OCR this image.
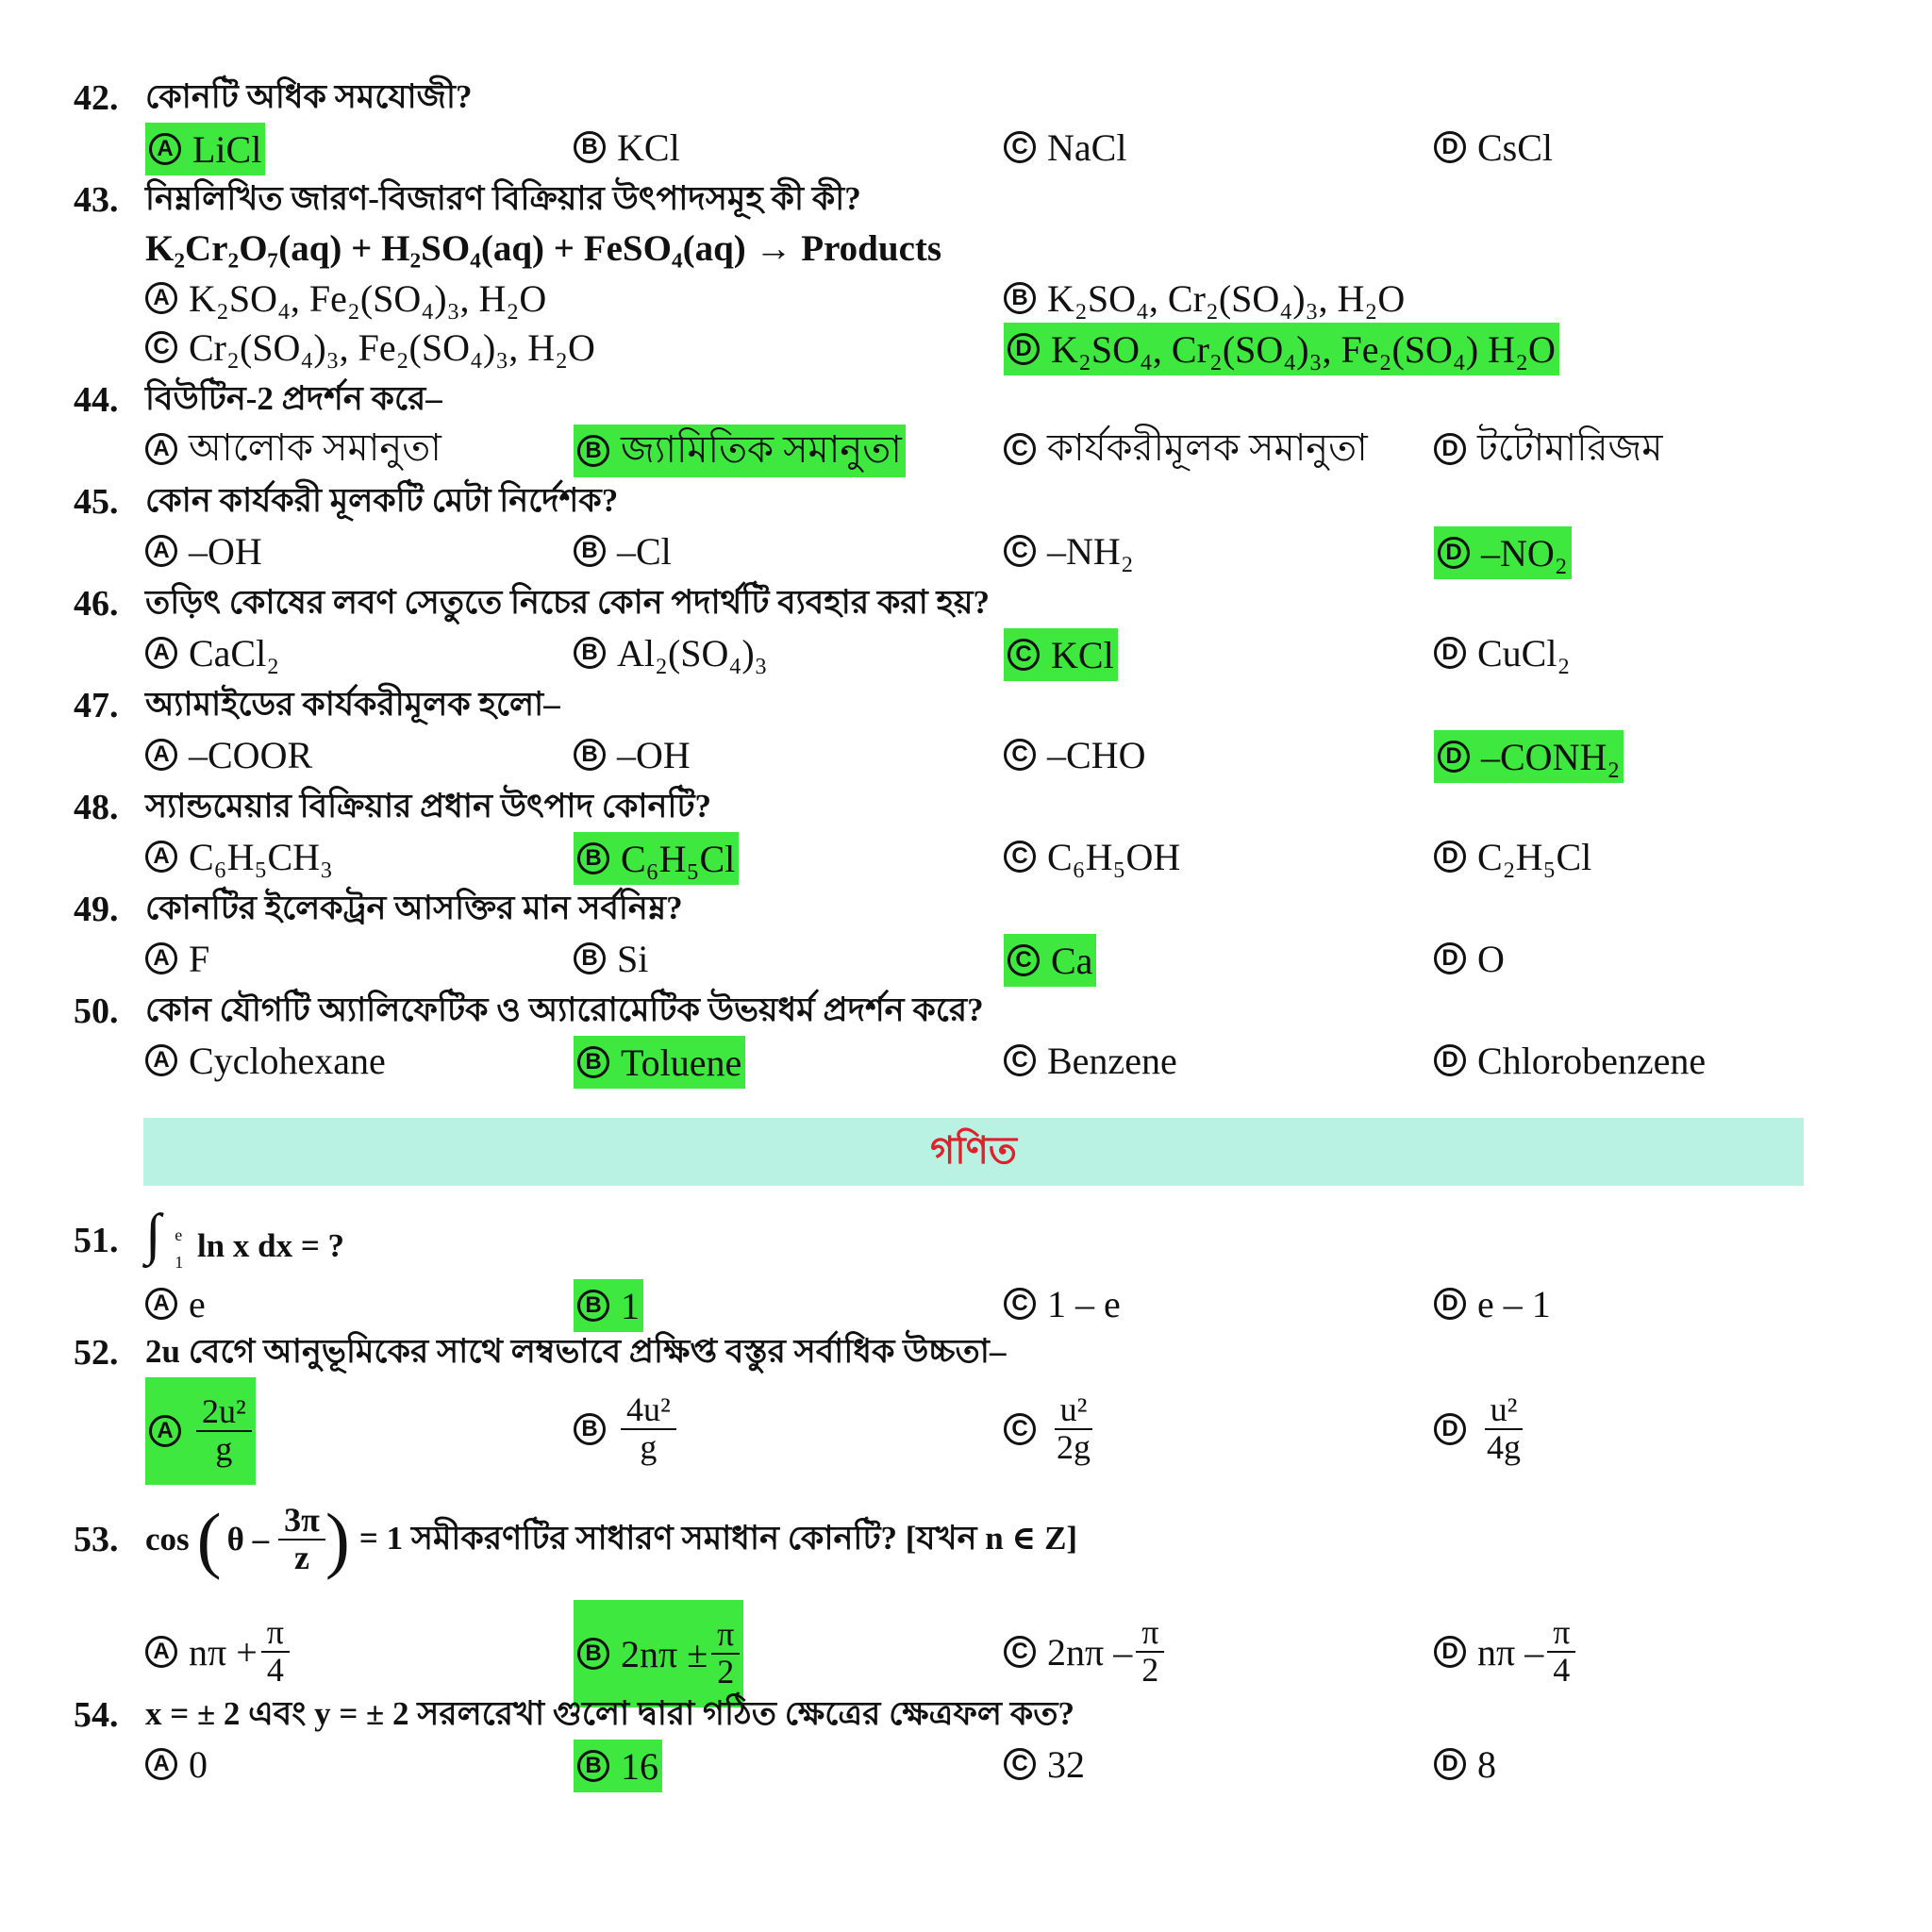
42. কোনটি অধিক সমযোজী?
A LiCl	B KCl	C NaCl	D CsCl
43. নিম্নলিখিত জারণ-বিজারণ বিক্রিয়ার উৎপাদসমূহ কী কী?
K₂Cr₂O₇(aq) + H₂SO₄(aq) + FeSO₄(aq) → Products
A K₂SO₄, Fe₂(SO₄)₃, H₂O	B K₂SO₄, Cr₂(SO₄)₃, H₂O
C Cr₂(SO₄)₃, Fe₂(SO₄)₃, H₂O	D K₂SO₄, Cr₂(SO₄)₃, Fe₂(SO₄) H₂O
44. বিউটিন-2 প্রদর্শন করে–
A আলোক সমানুতা	B জ্যামিতিক সমানুতা	C কার্যকরীমূলক সমানুতা	D টটোমারিজম
45. কোন কার্যকরী মূলকটি মেটা নির্দেশক?
A –OH	B –Cl	C –NH₂	D –NO₂
46. তড়িৎ কোষের লবণ সেতুতে নিচের কোন পদার্থটি ব্যবহার করা হয়?
A CaCl₂	B Al₂(SO₄)₃	C KCl	D CuCl₂
47. অ্যামাইডের কার্যকরীমূলক হলো–
A –COOR	B –OH	C –CHO	D –CONH₂
48. স্যান্ডমেয়ার বিক্রিয়ার প্রধান উৎপাদ কোনটি?
A C₆H₅CH₃	B C₆H₅Cl	C C₆H₅OH	D C₂H₅Cl
49. কোনটির ইলেকট্রন আসক্তির মান সর্বনিম্ন?
A F	B Si	C Ca	D O
50. কোন যৌগটি অ্যালিফেটিক ও অ্যারোমেটিক উভয়ধর্ম প্রদর্শন করে?
A Cyclohexane	B Toluene	C Benzene	D Chlorobenzene
গণিত
51. ∫ e
1 ln x dx = ?
A e	B 1	C 1 – e	D e – 1
52. 2u বেগে আনুভূমিকের সাথে লম্বভাবে প্রক্ষিপ্ত বস্তুর সর্বাধিক উচ্চতা–
A $\frac{\text{2u²}}{g}$	B $\frac{\text{4u²}}{g}$	C $\frac{\text{u²}}{2g}$	D $\frac{\text{u²}}{4g}$
53. cos ( θ – $\frac{3\pi}{z}$ ) = 1 সমীকরণটির সাধারণ সমাধান কোনটি? [যখন n ∈ Z]
A $n\pi + \frac{\pi}{4}$	B $2n\pi \pm \frac{\pi}{2}$	C $2n\pi - \frac{\pi}{2}$	D nπ – $\frac{\pi}{4}$
54. x = ± 2 এবং y = ± 2 সরলরেখা গুলো দ্বারা গঠিত ক্ষেত্রের ক্ষেত্রফল কত?
A 0	B 16	C 32	D 8
